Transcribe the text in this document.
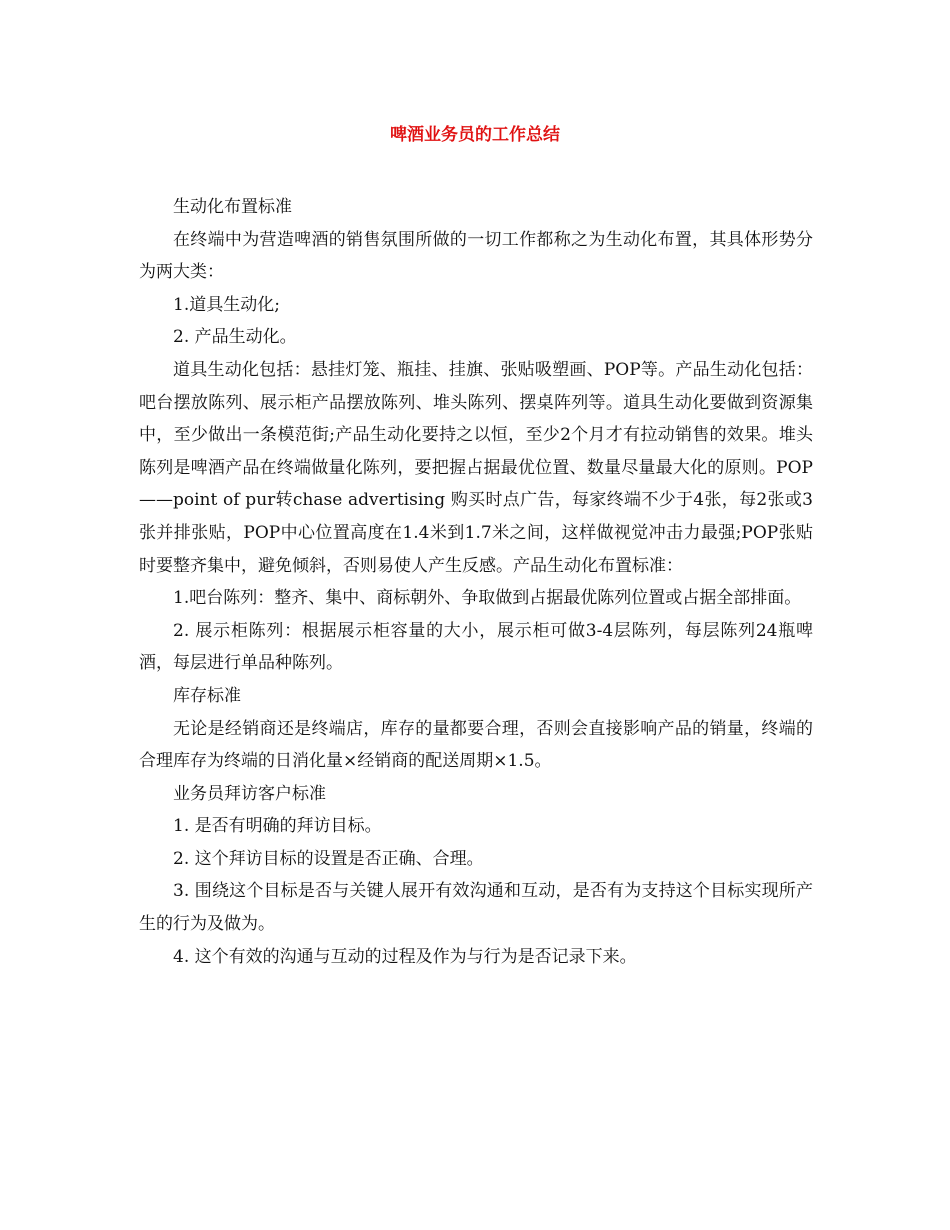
啤酒业务员的工作总结

生动化布置标准

在终端中为营造啤酒的销售氛围所做的一切工作都称之为生动化布置，其具体形势分为两大类：

1.道具生动化;

2. 产品生动化。

道具生动化包括：悬挂灯笼、瓶挂、挂旗、张贴吸塑画、POP等。产品生动化包括：吧台摆放陈列、展示柜产品摆放陈列、堆头陈列、摆桌阵列等。道具生动化要做到资源集中，至少做出一条模范街;产品生动化要持之以恒，至少2个月才有拉动销售的效果。堆头陈列是啤酒产品在终端做量化陈列，要把握占据最优位置、数量尽量最大化的原则。POP——point of pur转chase advertising 购买时点广告，每家终端不少于4张，每2张或3张并排张贴，POP中心位置高度在1.4米到1.7米之间，这样做视觉冲击力最强;POP张贴时要整齐集中，避免倾斜，否则易使人产生反感。产品生动化布置标准：

1.吧台陈列：整齐、集中、商标朝外、争取做到占据最优陈列位置或占据全部排面。

2. 展示柜陈列：根据展示柜容量的大小，展示柜可做3-4层陈列，每层陈列24瓶啤酒，每层进行单品种陈列。

库存标准

无论是经销商还是终端店，库存的量都要合理，否则会直接影响产品的销量，终端的合理库存为终端的日消化量×经销商的配送周期×1.5。

业务员拜访客户标准

1. 是否有明确的拜访目标。

2. 这个拜访目标的设置是否正确、合理。

3. 围绕这个目标是否与关键人展开有效沟通和互动，是否有为支持这个目标实现所产生的行为及做为。

4. 这个有效的沟通与互动的过程及作为与行为是否记录下来。
